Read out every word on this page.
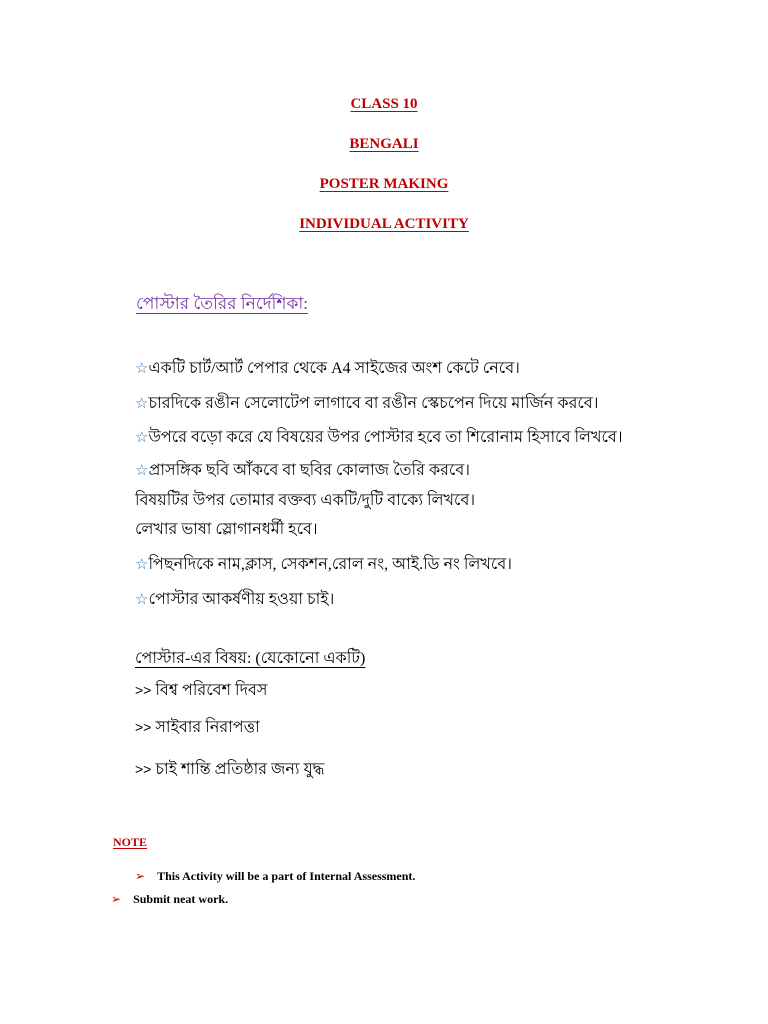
CLASS 10
BENGALI
POSTER MAKING
INDIVIDUAL ACTIVITY
পোস্টার তৈরির নির্দেশিকা:
☆একটি চার্ট/আর্ট পেপার থেকে A4 সাইজের অংশ কেটে নেবে।
☆চারদিকে রঙীন সেলোটেপ লাগাবে বা রঙীন স্কেচপেন দিয়ে মার্জিন করবে।
☆উপরে বড়ো করে যে বিষয়ের উপর পোস্টার হবে তা শিরোনাম হিসাবে লিখবে।
☆প্রাসঙ্গিক ছবি আঁকবে বা ছবির কোলাজ তৈরি করবে।
বিষয়টির উপর তোমার বক্তব্য একটি/দুটি বাক্যে লিখবে।
লেখার ভাষা স্লোগানধর্মী হবে।
☆পিছনদিকে নাম,ক্লাস, সেকশন,রোল নং, আই.ডি নং লিখবে।
☆পোস্টার আকর্ষণীয় হওয়া চাই।
পোস্টার-এর বিষয়: (যেকোনো একটি)
>> বিশ্ব পরিবেশ দিবস
>> সাইবার নিরাপত্তা
>> চাই শান্তি প্রতিষ্ঠার জন্য যুদ্ধ
NOTE
➢ This Activity will be a part of Internal Assessment.
➢ Submit neat work.
